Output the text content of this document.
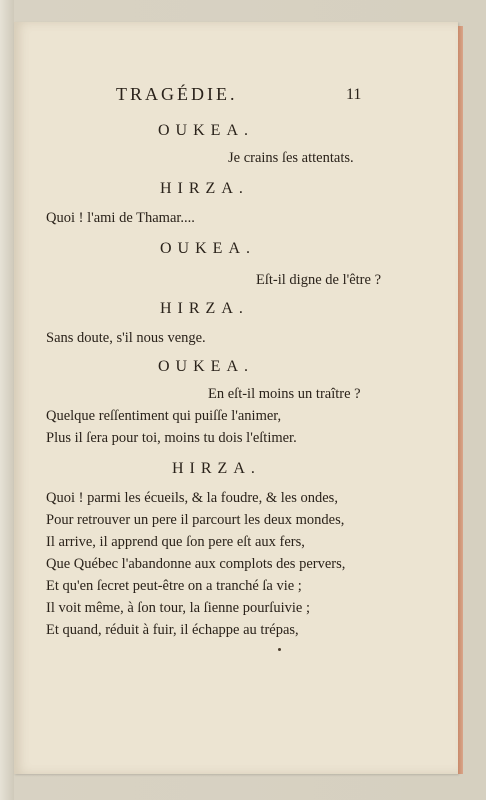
TRAGÉDIE.	11
OUKEA.
Je crains ſes attentats.
HIRZA.
Quoi ! l'ami de Thamar....
OUKEA.
Eſt-il digne de l'être ?
HIRZA.
Sans doute, s'il nous venge.
OUKEA.
En eſt-il moins un traître ?
Quelque reſſentiment qui puiſſe l'animer,
Plus il ſera pour toi, moins tu dois l'eſtimer.
HIRZA.
Quoi ! parmi les écueils, & la foudre, & les ondes,
Pour retrouver un pere il parcourt les deux mondes,
Il arrive, il apprend que ſon pere eſt aux fers,
Que Québec l'abandonne aux complots des pervers,
Et qu'en ſecret peut-être on a tranché ſa vie ;
Il voit même, à ſon tour, la ſienne pourſuivie ;
Et quand, réduit à fuir, il échappe au trépas,
